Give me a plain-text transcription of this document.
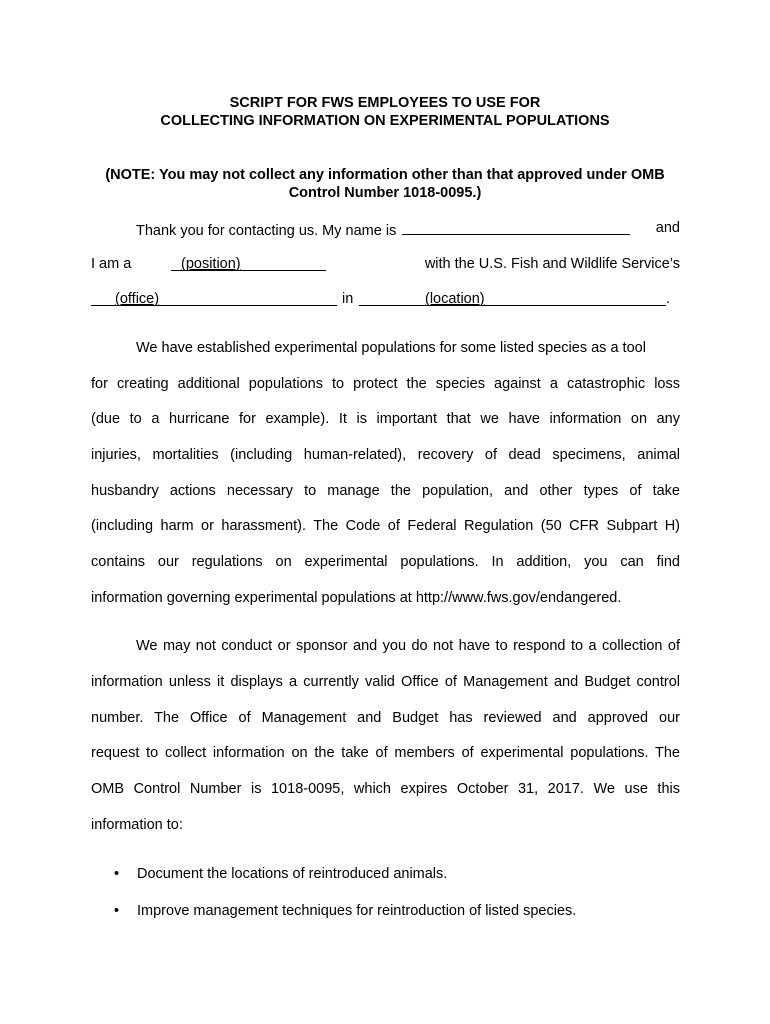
SCRIPT FOR FWS EMPLOYEES TO USE FOR
COLLECTING INFORMATION ON EXPERIMENTAL POPULATIONS
(NOTE: You may not collect any information other than that approved under OMB
Control Number 1018-0095.)
Thank you for contacting us. My name is	and
I am a	(position)	with the U.S. Fish and Wildlife Service’s
(office)	in	(location)	.
We have established experimental populations for some listed species as a tool
for creating additional populations to protect the species against a catastrophic loss
(due to a hurricane for example). It is important that we have information on any
injuries, mortalities (including human-related), recovery of dead specimens, animal
husbandry actions necessary to manage the population, and other types of take
(including harm or harassment). The Code of Federal Regulation (50 CFR Subpart H)
contains our regulations on experimental populations. In addition, you can find
information governing experimental populations at http://www.fws.gov/endangered.
We may not conduct or sponsor and you do not have to respond to a collection of
information unless it displays a currently valid Office of Management and Budget control
number. The Office of Management and Budget has reviewed and approved our
request to collect information on the take of members of experimental populations. The
OMB Control Number is 1018-0095, which expires October 31, 2017. We use this
information to:
• Document the locations of reintroduced animals.
• Improve management techniques for reintroduction of listed species.
